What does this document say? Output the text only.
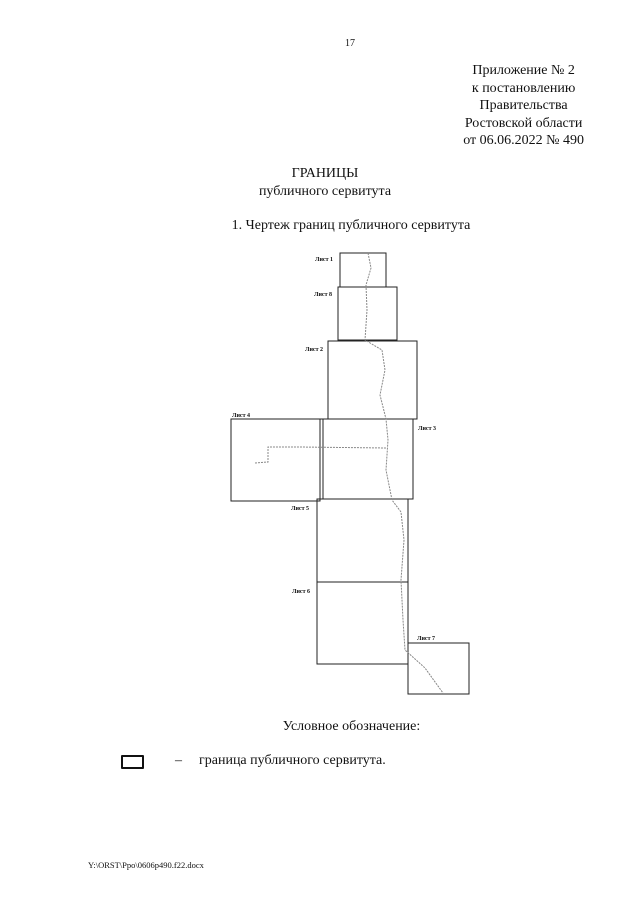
17
Приложение № 2
к постановлению
Правительства
Ростовской области
от 06.06.2022 № 490
ГРАНИЦЫ
публичного сервитута
1. Чертеж границ публичного сервитута
Лист 1
Лист 8
Лист 2
Лист 3
Лист 4
Лист 5
Лист 6
Лист 7
Условное обозначение:
– граница публичного сервитута.
Y:\ORST\Ppo\0606p490.f22.docx
